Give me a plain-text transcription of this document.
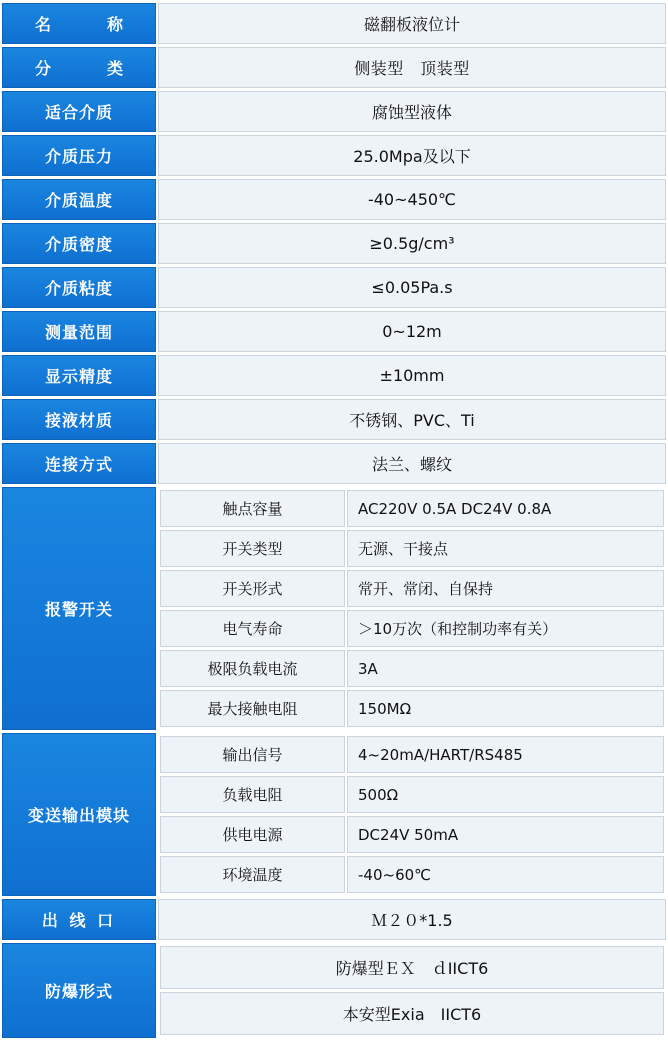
名　　称	磁翻板液位计
分　　类	侧装型　顶装型
适合介质	腐蚀型液体
介质压力	25.0Mpa及以下
介质温度	-40~450℃
介质密度	≥0.5g/cm³
介质粘度	≤0.05Pa.s
测量范围	0~12m
显示精度	±10mm
接液材质	不锈钢、PVC、Ti
连接方式	法兰、螺纹
报警开关	
触点容量	AC220V 0.5A DC24V 0.8A
开关类型	无源、干接点
开关形式	常开、常闭、自保持
电气寿命	＞10万次（和控制功率有关）
极限负载电流	3A
最大接触电阻	150MΩ

变送输出模块	
输出信号	4~20mA/HART/RS485
负载电阻	500Ω
供电电源	DC24V 50mA
环境温度	-40~60℃

出 线 口	Ｍ２０*1.5
防爆形式	
防爆型ＥＸ　ｄIICT6
本安型Exia　IICT6
